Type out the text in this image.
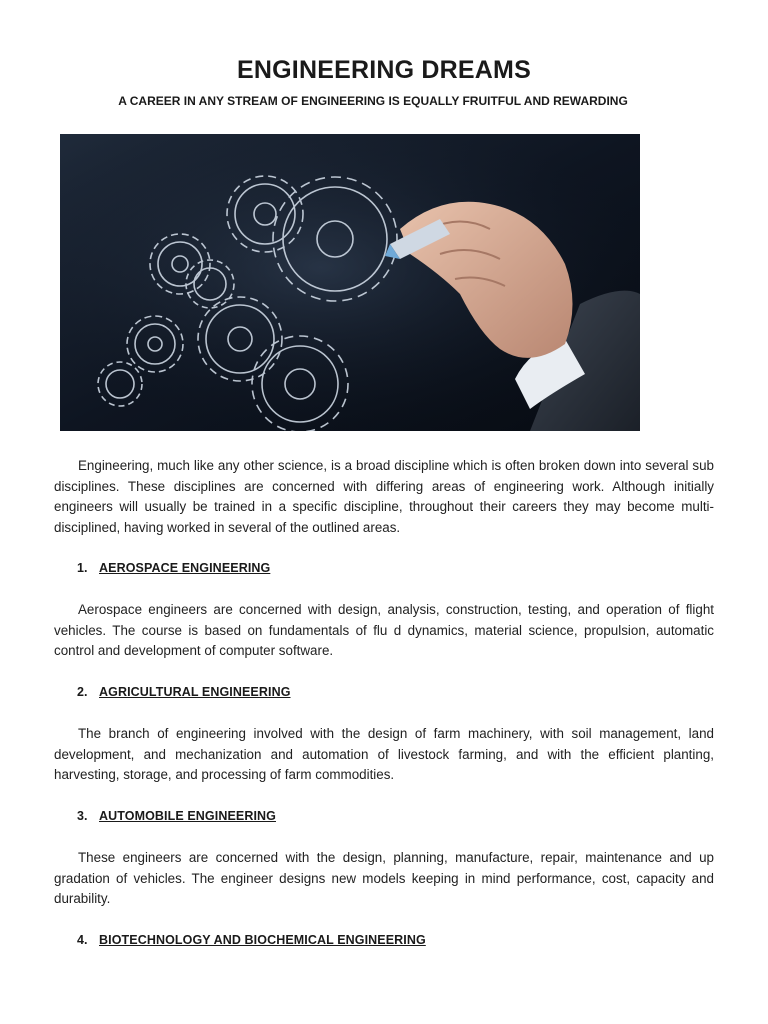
ENGINEERING DREAMS
A CAREER IN ANY STREAM OF ENGINEERING IS EQUALLY FRUITFUL AND REWARDING

Engineering, much like any other science, is a broad discipline which is often broken down into several sub disciplines. These disciplines are concerned with differing areas of engineering work. Although initially engineers will usually be trained in a specific discipline, throughout their careers they may become multi-disciplined, having worked in several of the outlined areas.

1. AEROSPACE ENGINEERING

Aerospace engineers are concerned with design, analysis, construction, testing, and operation of flight vehicles. The course is based on fundamentals of flu d dynamics, material science, propulsion, automatic control and development of computer software.

2. AGRICULTURAL ENGINEERING

The branch of engineering involved with the design of farm machinery, with soil management, land development, and mechanization and automation of livestock farming, and with the efficient planting, harvesting, storage, and processing of farm commodities.

3. AUTOMOBILE ENGINEERING

These engineers are concerned with the design, planning, manufacture, repair, maintenance and up gradation of vehicles. The engineer designs new models keeping in mind performance, cost, capacity and durability.

4. BIOTECHNOLOGY AND BIOCHEMICAL ENGINEERING
